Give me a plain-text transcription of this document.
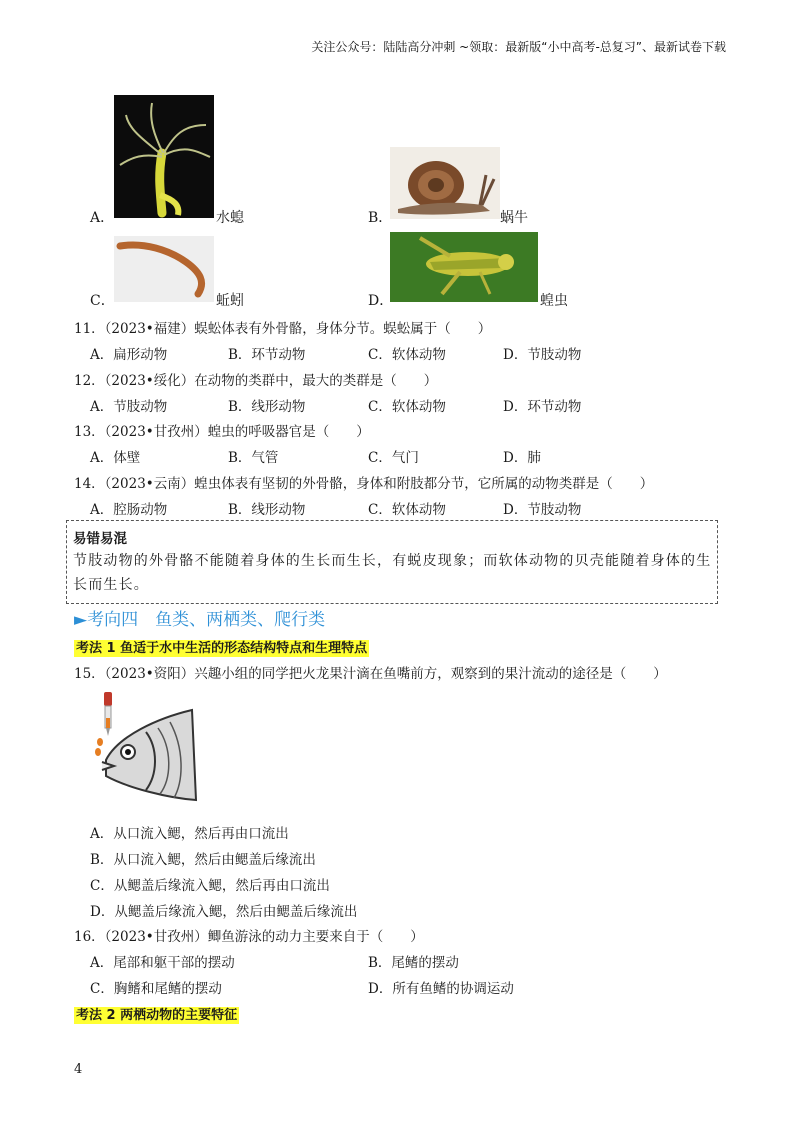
关注公众号：陆陆高分冲刺 ~领取：最新版“小中高考-总复习”、最新试卷下载
A．	水螅	B．	蜗牛
C．	蚯蚓	D．	蝗虫
11．（2023•福建）蜈蚣体表有外骨骼，身体分节。蜈蚣属于（　　）
A．扁形动物	B．环节动物	C．软体动物	D．节肢动物
12．（2023•绥化）在动物的类群中，最大的类群是（　　）
A．节肢动物	B．线形动物	C．软体动物	D．环节动物
13．（2023•甘孜州）蝗虫的呼吸器官是（　　）
A．体壁	B．气管	C．气门	D．肺
14．（2023•云南）蝗虫体表有坚韧的外骨骼，身体和附肢都分节，它所属的动物类群是（　　）
A．腔肠动物	B．线形动物	C．软体动物	D．节肢动物
易错易混
节肢动物的外骨骼不能随着身体的生长而生长，有蜕皮现象；而软体动物的贝壳能随着身体的生长而生长。
►考向四　鱼类、两栖类、爬行类
考法 1 鱼适于水中生活的形态结构特点和生理特点
15．（2023•资阳）兴趣小组的同学把火龙果汁滴在鱼嘴前方，观察到的果汁流动的途径是（　　）
A．从口流入鳃，然后再由口流出
B．从口流入鳃，然后由鳃盖后缘流出
C．从鳃盖后缘流入鳃，然后再由口流出
D．从鳃盖后缘流入鳃，然后由鳃盖后缘流出
16．（2023•甘孜州）鲫鱼游泳的动力主要来自于（　　）
A．尾部和躯干部的摆动	B．尾鳍的摆动
C．胸鳍和尾鳍的摆动	D．所有鱼鳍的协调运动
考法 2 两栖动物的主要特征
4
